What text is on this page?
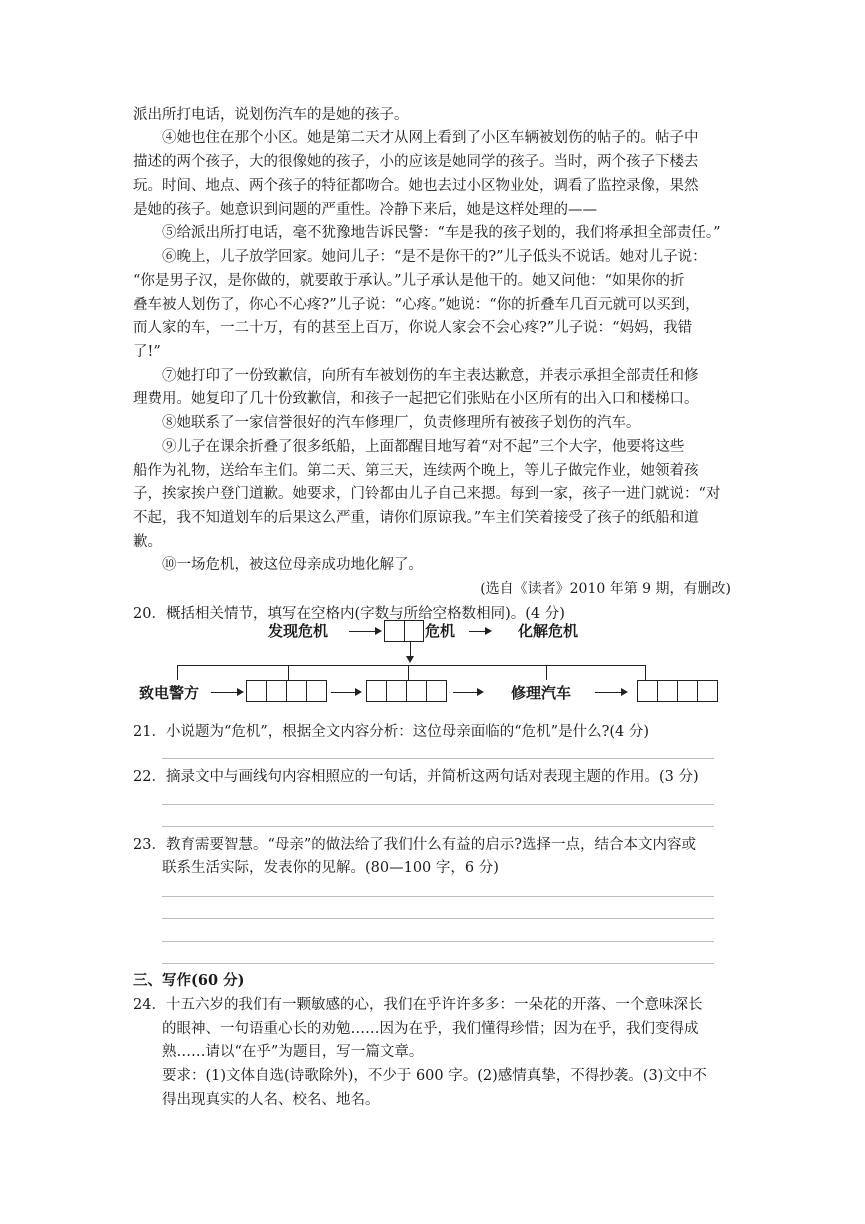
派出所打电话，说划伤汽车的是她的孩子。
④她也住在那个小区。她是第二天才从网上看到了小区车辆被划伤的帖子的。帖子中
描述的两个孩子，大的很像她的孩子，小的应该是她同学的孩子。当时，两个孩子下楼去
玩。时间、地点、两个孩子的特征都吻合。她也去过小区物业处，调看了监控录像，果然
是她的孩子。她意识到问题的严重性。冷静下来后，她是这样处理的——
⑤给派出所打电话，毫不犹豫地告诉民警：“车是我的孩子划的，我们将承担全部责任。”
⑥晚上，儿子放学回家。她问儿子：“是不是你干的?”儿子低头不说话。她对儿子说：
“你是男子汉，是你做的，就要敢于承认。”儿子承认是他干的。她又问他：“如果你的折
叠车被人划伤了，你心不心疼?”儿子说：“心疼。”她说：“你的折叠车几百元就可以买到，
而人家的车，一二十万，有的甚至上百万，你说人家会不会心疼?”儿子说：“妈妈，我错
了!”
⑦她打印了一份致歉信，向所有车被划伤的车主表达歉意，并表示承担全部责任和修
理费用。她复印了几十份致歉信，和孩子一起把它们张贴在小区所有的出入口和楼梯口。
⑧她联系了一家信誉很好的汽车修理厂，负责修理所有被孩子划伤的汽车。
⑨儿子在课余折叠了很多纸船，上面都醒目地写着“对不起”三个大字，他要将这些
船作为礼物，送给车主们。第二天、第三天，连续两个晚上，等儿子做完作业，她领着孩
子，挨家挨户登门道歉。她要求，门铃都由儿子自己来摁。每到一家，孩子一进门就说：“对
不起，我不知道划车的后果这么严重，请你们原谅我。”车主们笑着接受了孩子的纸船和道
歉。
⑩一场危机，被这位母亲成功地化解了。
(选自《读者》2010 年第 9 期，有删改)
20．概括相关情节，填写在空格内(字数与所给空格数相同)。(4 分)
发现危机	危机	化解危机
致电警方	修理汽车
21．小说题为“危机”，根据全文内容分析：这位母亲面临的“危机”是什么?(4 分)
22．摘录文中与画线句内容相照应的一句话，并简析这两句话对表现主题的作用。(3 分)
23．教育需要智慧。“母亲”的做法给了我们什么有益的启示?选择一点，结合本文内容或
联系生活实际，发表你的见解。(80—100 字，6 分)
三、写作(60 分)
24．十五六岁的我们有一颗敏感的心，我们在乎许许多多：一朵花的开落、一个意味深长
的眼神、一句语重心长的劝勉……因为在乎，我们懂得珍惜；因为在乎，我们变得成
熟……请以“在乎”为题目，写一篇文章。
要求：(1)文体自选(诗歌除外)，不少于 600 字。(2)感情真挚，不得抄袭。(3)文中不
得出现真实的人名、校名、地名。
